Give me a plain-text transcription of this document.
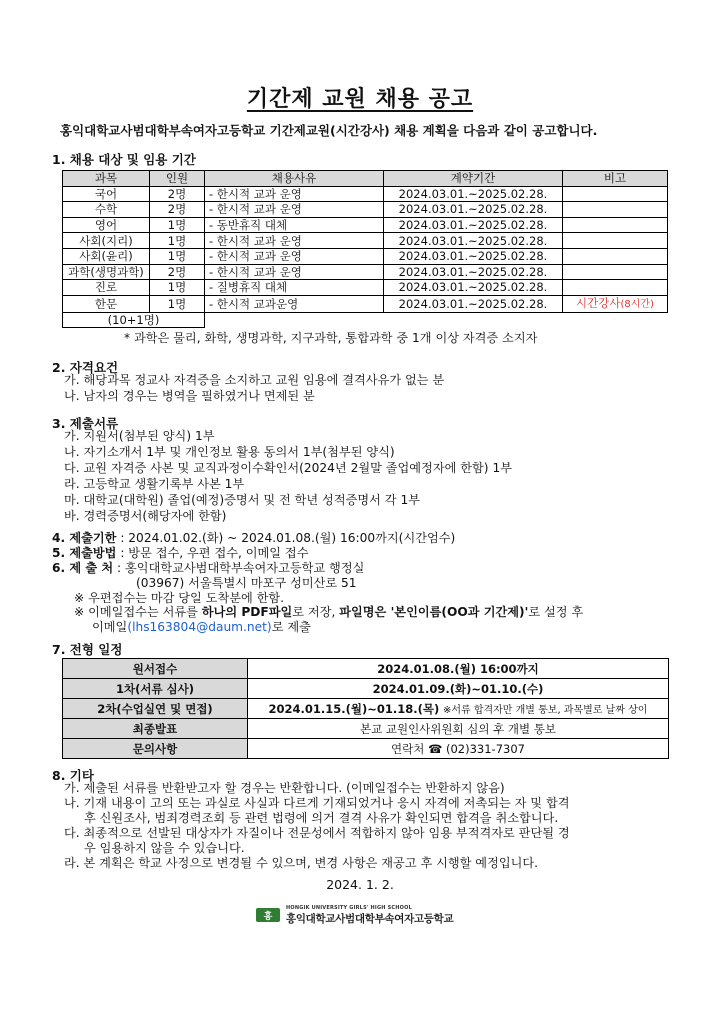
기간제 교원 채용 공고
홍익대학교사범대학부속여자고등학교 기간제교원(시간강사) 채용 계획을 다음과 같이 공고합니다.
1. 채용 대상 및 임용 기간
과목	인원	채용사유	계약기간	비고
국어	2명	- 한시적 교과 운영	2024.03.01.~2025.02.28.	
수학	2명	- 한시적 교과 운영	2024.03.01.~2025.02.28.	
영어	1명	- 동반휴직 대체	2024.03.01.~2025.02.28.	
사회(지리)	1명	- 한시적 교과 운영	2024.03.01.~2025.02.28.	
사회(윤리)	1명	- 한시적 교과 운영	2024.03.01.~2025.02.28.	
과학(생명과학)	2명	- 한시적 교과 운영	2024.03.01.~2025.02.28.	
진로	1명	- 질병휴직 대체	2024.03.01.~2025.02.28.	
한문	1명	- 한시적 교과운영	2024.03.01.~2025.02.28.	시간강사(8시간)
(10+1명)				
* 과학은 물리, 화학, 생명과학, 지구과학, 통합과학 중 1개 이상 자격증 소지자
2. 자격요건
가. 해당과목 정교사 자격증을 소지하고 교원 임용에 결격사유가 없는 분
나. 남자의 경우는 병역을 필하였거나 면제된 분
3. 제출서류
가. 지원서(첨부된 양식) 1부
나. 자기소개서 1부 및 개인정보 활용 동의서 1부(첨부된 양식)
다. 교원 자격증 사본 및 교직과정이수확인서(2024년 2월말 졸업예정자에 한함) 1부
라. 고등학교 생활기록부 사본 1부
마. 대학교(대학원) 졸업(예정)증명서 및 전 학년 성적증명서 각 1부
바. 경력증명서(해당자에 한함)
4. 제출기한 : 2024.01.02.(화) ~ 2024.01.08.(월) 16:00까지(시간엄수)
5. 제출방법 : 방문 접수, 우편 접수, 이메일 접수
6. 제 출 처 : 홍익대학교사범대학부속여자고등학교 행정실
(03967) 서울특별시 마포구 성미산로 51
※ 우편접수는 마감 당일 도착분에 한함.
※ 이메일접수는 서류를 하나의 PDF파일로 저장, 파일명은 '본인이름(OO과 기간제)'로 설정 후
이메일(lhs163804@daum.net)로 제출
7. 전형 일정
원서접수	2024.01.08.(월) 16:00까지
1차(서류 심사)	2024.01.09.(화)~01.10.(수)
2차(수업실연 및 면접)	2024.01.15.(월)~01.18.(목) ※서류 합격자만 개별 통보, 과목별로 날짜 상이
최종발표	본교 교원인사위원회 심의 후 개별 통보
문의사항	연락처 ☎ (02)331-7307
8. 기타
가. 제출된 서류를 반환받고자 할 경우는 반환합니다. (이메일접수는 반환하지 않음)
나. 기재 내용이 고의 또는 과실로 사실과 다르게 기재되었거나 응시 자격에 저촉되는 자 및 합격
후 신원조사, 범죄경력조회 등 관련 법령에 의거 결격 사유가 확인되면 합격을 취소합니다.
다. 최종적으로 선발된 대상자가 자질이나 전문성에서 적합하지 않아 임용 부적격자로 판단될 경
우 임용하지 않을 수 있습니다.
라. 본 계획은 학교 사정으로 변경될 수 있으며, 변경 사항은 재공고 후 시행할 예정입니다.
2024. 1. 2.
홍
HONGIK UNIVERSITY GIRLS' HIGH SCHOOL
홍익대학교사범대학부속여자고등학교
